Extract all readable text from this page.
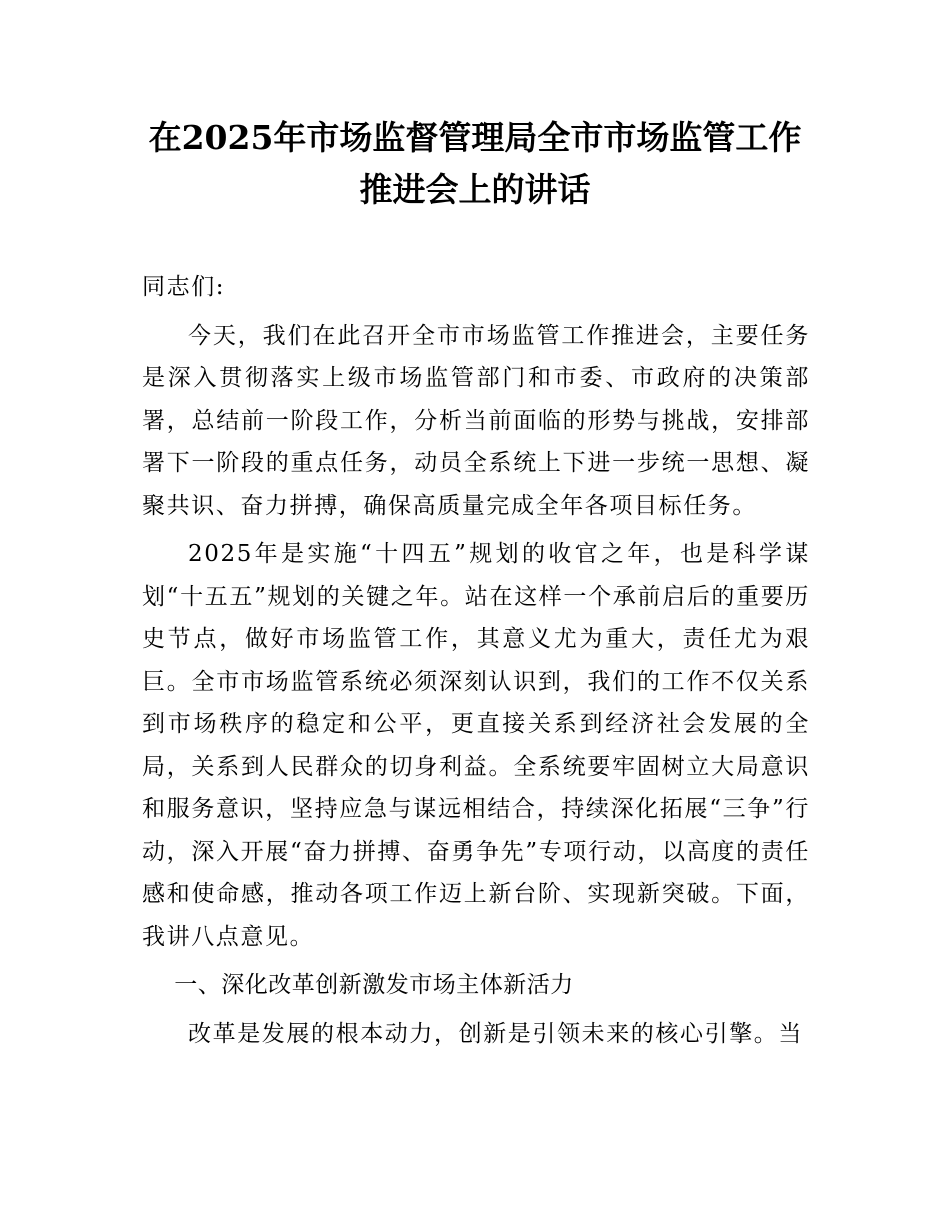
在2025年市场监督管理局全市市场监管工作
推进会上的讲话

同志们:

今天，我们在此召开全市市场监管工作推进会，主要任务是深入贯彻落实上级市场监管部门和市委、市政府的决策部署，总结前一阶段工作，分析当前面临的形势与挑战，安排部署下一阶段的重点任务，动员全系统上下进一步统一思想、凝聚共识、奋力拼搏，确保高质量完成全年各项目标任务。

2025年是实施“十四五”规划的收官之年，也是科学谋划“十五五”规划的关键之年。站在这样一个承前启后的重要历史节点，做好市场监管工作，其意义尤为重大，责任尤为艰巨。全市市场监管系统必须深刻认识到，我们的工作不仅关系到市场秩序的稳定和公平，更直接关系到经济社会发展的全局，关系到人民群众的切身利益。全系统要牢固树立大局意识和服务意识，坚持应急与谋远相结合，持续深化拓展“三争”行动，深入开展“奋力拼搏、奋勇争先”专项行动，以高度的责任感和使命感，推动各项工作迈上新台阶、实现新突破。下面，我讲八点意见。

一、深化改革创新激发市场主体新活力

改革是发展的根本动力，创新是引领未来的核心引擎。当
